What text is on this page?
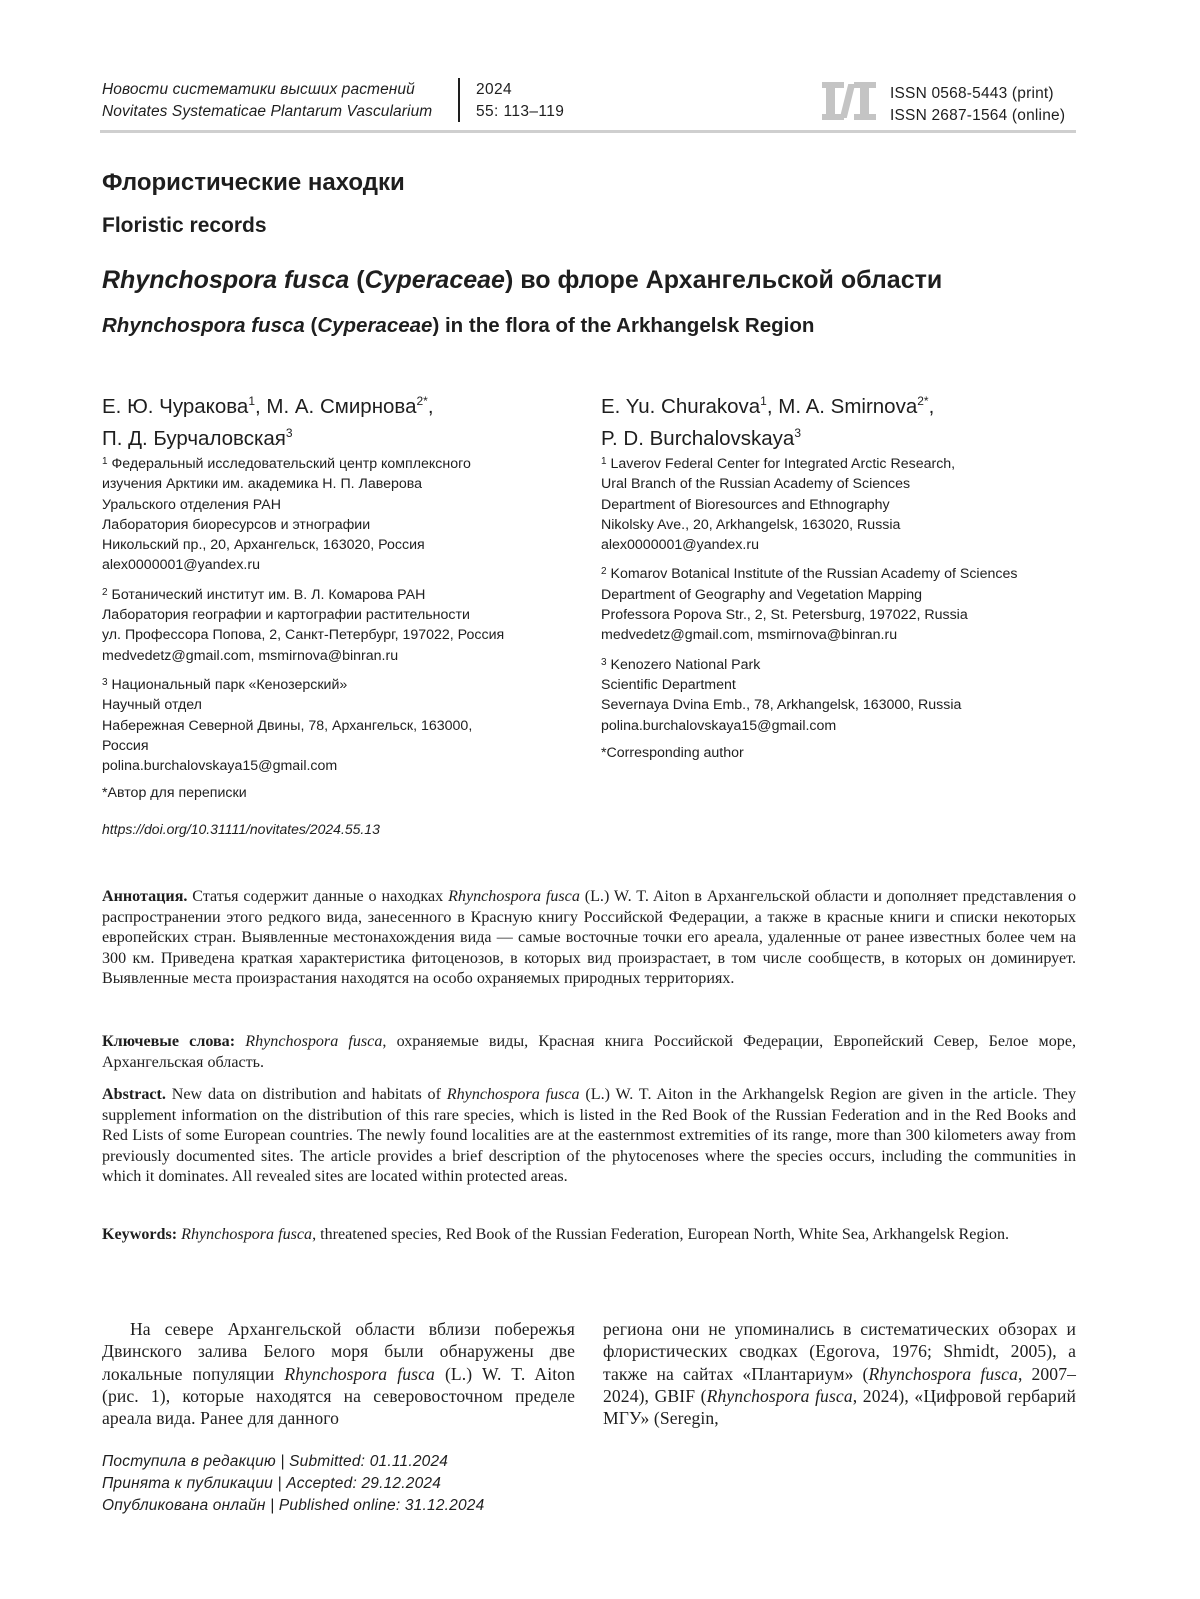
Новости систематики высших растений
Novitates Systematicae Plantarum Vascularium
2024
55: 113–119
ISSN 0568-5443 (print)
ISSN 2687-1564 (online)
Флористические находки
Floristic records
Rhynchospora fusca (Cyperaceae) во флоре Архангельской области
Rhynchospora fusca (Cyperaceae) in the flora of the Arkhangelsk Region
Е. Ю. Чуракова$^1$, М. А. Смирнова$^{2*}$,
П. Д. Бурчаловская$^3$
E. Yu. Churakova$^1$, M. A. Smirnova$^{2*}$,
P. D. Burchalovskaya$^3$

$^1$ Федеральный исследовательский центр комплексного
изучения Арктики им. академика Н. П. Лаверова
Уральского отделения РАН
Лаборатория биоресурсов и этнографии
Никольский пр., 20, Архангельск, 163020, Россия
alex0000001@yandex.ru

$^2$ Ботанический институт им. В. Л. Комарова РАН
Лаборатория географии и картографии растительности
ул. Профессора Попова, 2, Санкт-Петербург, 197022, Россия
medvedetz@gmail.com, msmirnova@binran.ru

$^3$ Национальный парк «Кенозерский»
Научный отдел
Набережная Северной Двины, 78, Архангельск, 163000,
Россия
polina.burchalovskaya15@gmail.com

*Автор для переписки

$^1$ Laverov Federal Center for Integrated Arctic Research,
Ural Branch of the Russian Academy of Sciences
Department of Bioresources and Ethnography
Nikolsky Ave., 20, Arkhangelsk, 163020, Russia
alex0000001@yandex.ru

$^2$ Komarov Botanical Institute of the Russian Academy of Sciences
Department of Geography and Vegetation Mapping
Professora Popova Str., 2, St. Petersburg, 197022, Russia
medvedetz@gmail.com, msmirnova@binran.ru

$^3$ Kenozero National Park
Scientific Department
Severnaya Dvina Emb., 78, Arkhangelsk, 163000, Russia
polina.burchalovskaya15@gmail.com

*Corresponding author

https://doi.org/10.31111/novitates/2024.55.13

Аннотация. Статья содержит данные о находках Rhynchospora fusca (L.) W. T. Aiton в Архангельской области и дополняет представления о распространении этого редкого вида, занесенного в Красную книгу Российской Федерации, а также в красные книги и списки некоторых европейских стран. Выявленные местонахождения вида — самые восточные точки его ареала, удаленные от ранее известных более чем на 300 км. Приведена краткая характеристика фитоценозов, в которых вид произрастает, в том числе сообществ, в которых он доминирует. Выявленные места произрастания находятся на особо охраняемых природных территориях.

Ключевые слова: Rhynchospora fusca, охраняемые виды, Красная книга Российской Федерации, Европейский Север, Белое море, Архангельская область.

Abstract. New data on distribution and habitats of Rhynchospora fusca (L.) W. T. Aiton in the Arkhangelsk Region are given in the article. They supplement information on the distribution of this rare species, which is listed in the Red Book of the Russian Federation and in the Red Books and Red Lists of some European countries. The newly found localities are at the easternmost extremities of its range, more than 300 kilometers away from previously documented sites. The article provides a brief description of the phytocenoses where the species occurs, including the communities in which it dominates. All revealed sites are located within protected areas.

Keywords: Rhynchospora fusca, threatened species, Red Book of the Russian Federation, European North, White Sea, Arkhangelsk Region.

На севере Архангельской области вблизи побережья Двинского залива Белого моря были обнаружены две локальные популяции Rhynchospora fusca (L.) W. T. Aiton (рис. 1), которые находятся на северовосточном пределе ареала вида. Ранее для данного

региона они не упоминались в систематических обзорах и флористических сводках (Egorova, 1976; Shmidt, 2005), а также на сайтах «Плантариум» (Rhynchospora fusca, 2007–2024), GBIF (Rhynchospora fusca, 2024), «Цифровой гербарий МГУ» (Seregin,

Поступила в редакцию | Submitted: 01.11.2024
Принята к публикации | Accepted: 29.12.2024
Опубликована онлайн | Published online: 31.12.2024
